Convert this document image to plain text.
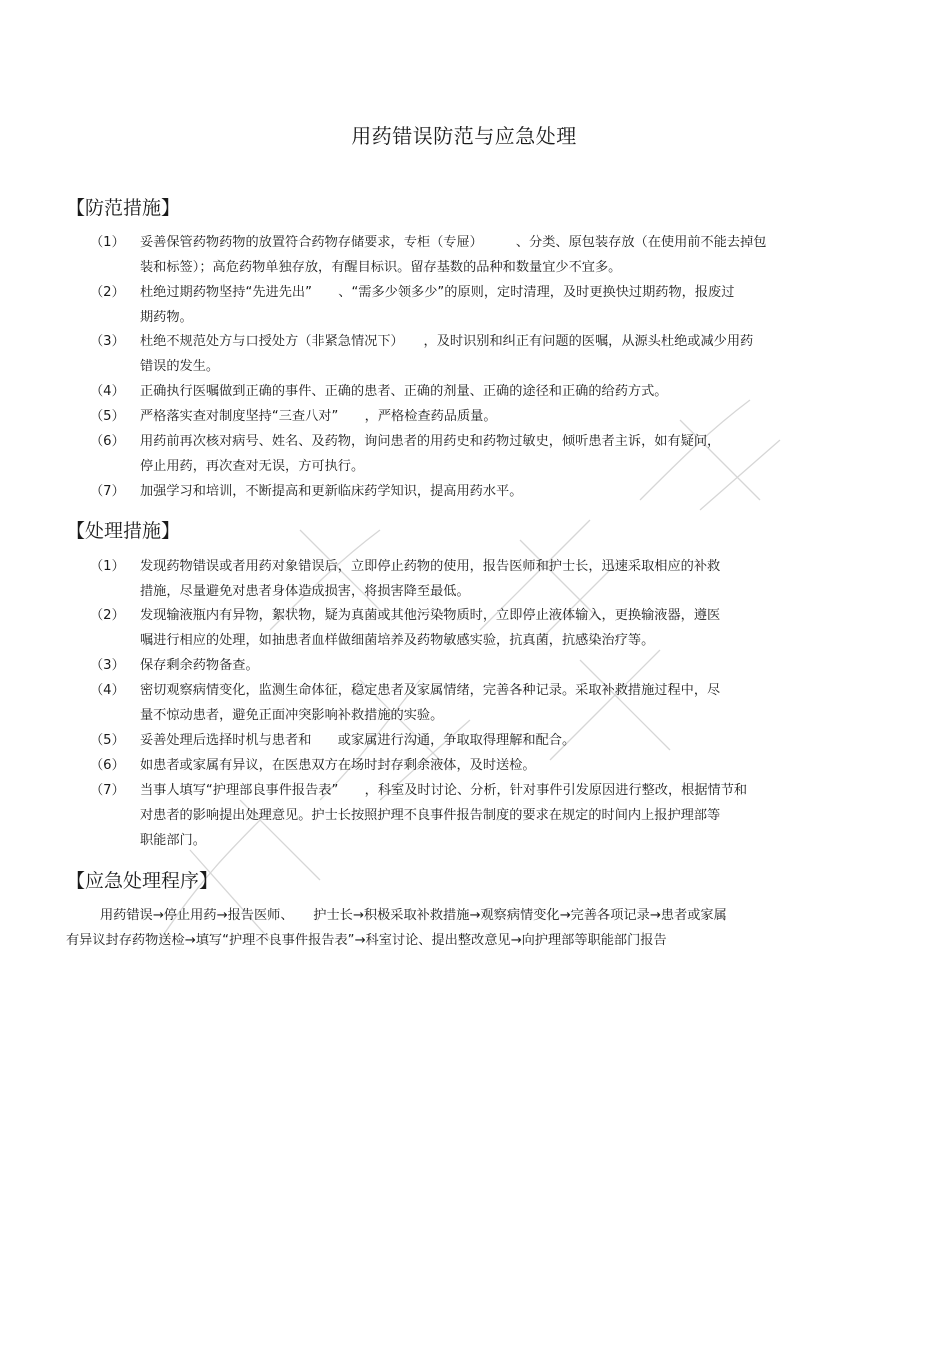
用药错误防范与应急处理
【防范措施】
（1）	妥善保管药物药物的放置符合药物存储要求，专柜（专屉）　　　、分类、原包装存放（在使用前不能去掉包
装和标签）；高危药物单独存放，有醒目标识。留存基数的品种和数量宜少不宜多。
（2）	杜绝过期药物坚持“先进先出”　　、“需多少领多少”的原则，定时清理，及时更换快过期药物，报废过
期药物。
（3）	杜绝不规范处方与口授处方（非紧急情况下）　　，及时识别和纠正有问题的医嘱，从源头杜绝或减少用药
错误的发生。
（4）	正确执行医嘱做到正确的事件、正确的患者、正确的剂量、正确的途径和正确的给药方式。
（5）	严格落实查对制度坚持“三查八对”　　，严格检查药品质量。
（6）	用药前再次核对病号、姓名、及药物，询问患者的用药史和药物过敏史，倾听患者主诉，如有疑问，
停止用药，再次查对无误，方可执行。
（7）	加强学习和培训，不断提高和更新临床药学知识，提高用药水平。
【处理措施】
（1）	发现药物错误或者用药对象错误后，立即停止药物的使用，报告医师和护士长，迅速采取相应的补救
措施，尽量避免对患者身体造成损害，将损害降至最低。
（2）	发现输液瓶内有异物，絮状物，疑为真菌或其他污染物质时，立即停止液体输入，更换输液器，遵医
嘱进行相应的处理，如抽患者血样做细菌培养及药物敏感实验，抗真菌，抗感染治疗等。
（3）	保存剩余药物备查。
（4）	密切观察病情变化，监测生命体征，稳定患者及家属情绪，完善各种记录。采取补救措施过程中，尽
量不惊动患者，避免正面冲突影响补救措施的实验。
（5）	妥善处理后选择时机与患者和　　或家属进行沟通，争取取得理解和配合。
（6）	如患者或家属有异议，在医患双方在场时封存剩余液体，及时送检。
（7）	当事人填写“护理部良事件报告表”　　，科室及时讨论、分析，针对事件引发原因进行整改，根据情节和
对患者的影响提出处理意见。护士长按照护理不良事件报告制度的要求在规定的时间内上报护理部等
职能部门。
【应急处理程序】
用药错误→停止用药→报告医师、　　护士长→积极采取补救措施→观察病情变化→完善各项记录→患者或家属
有异议封存药物送检→填写“护理不良事件报告表”→科室讨论、提出整改意见→向护理部等职能部门报告
